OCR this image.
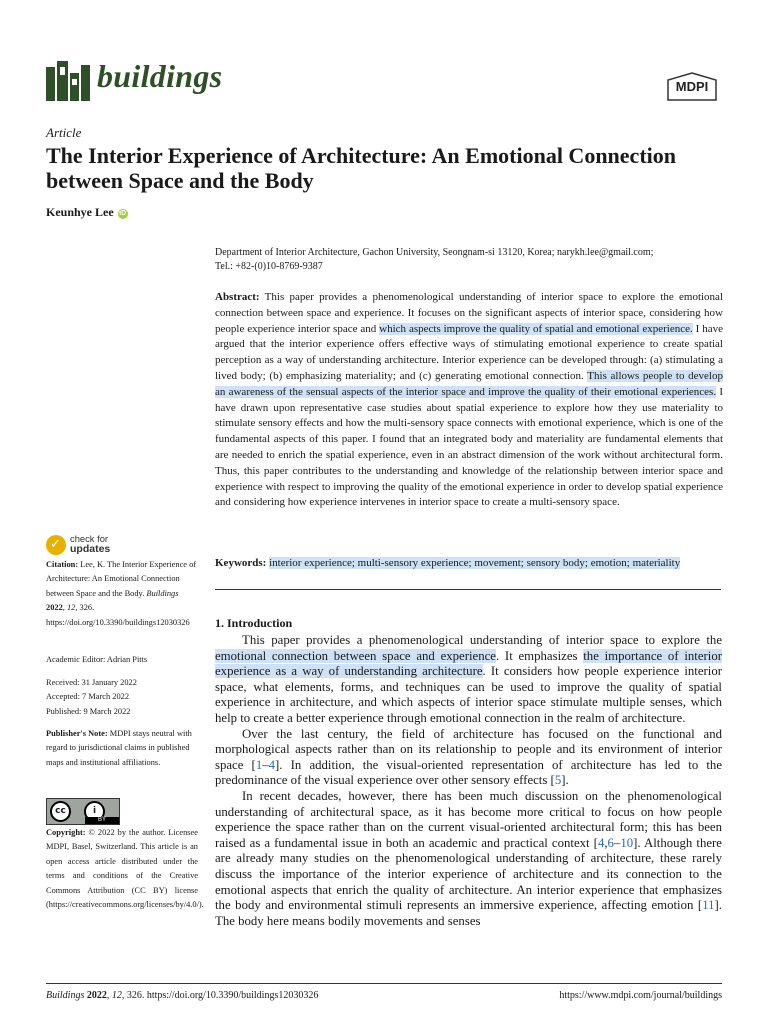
buildings	MDPI
Article
The Interior Experience of Architecture: An Emotional Connection between Space and the Body
Keunhye Lee iD
Department of Interior Architecture, Gachon University, Seongnam-si 13120, Korea; narykh.lee@gmail.com;
Tel.: +82-(0)10-8769-9387
Abstract: This paper provides a phenomenological understanding of interior space to explore the emotional connection between space and experience. It focuses on the significant aspects of interior space, considering how people experience interior space and which aspects improve the quality of spatial and emotional experience. I have argued that the interior experience offers effective ways of stimulating emotional experience to create spatial perception as a way of understanding architecture. Interior experience can be developed through: (a) stimulating a lived body; (b) emphasizing materiality; and (c) generating emotional connection. This allows people to develop an awareness of the sensual aspects of the interior space and improve the quality of their emotional experiences. I have drawn upon representative case studies about spatial experience to explore how they use materiality to stimulate sensory effects and how the multi-sensory space connects with emotional experience, which is one of the fundamental aspects of this paper. I found that an integrated body and materiality are fundamental elements that are needed to enrich the spatial experience, even in an abstract dimension of the work without architectural form. Thus, this paper contributes to the understanding and knowledge of the relationship between interior space and experience with respect to improving the quality of the emotional experience in order to develop spatial experience and considering how experience intervenes in interior space to create a multi-sensory space.
Keywords: interior experience; multi-sensory experience; movement; sensory body; emotion; materiality
1. Introduction

This paper provides a phenomenological understanding of interior space to explore the emotional connection between space and experience. It emphasizes the importance of interior experience as a way of understanding architecture. It considers how people experience interior space, what elements, forms, and techniques can be used to improve the quality of spatial experience in architecture, and which aspects of interior space stimulate multiple senses, which help to create a better experience through emotional connection in the realm of architecture.

Over the last century, the field of architecture has focused on the functional and morphological aspects rather than on its relationship to people and its environment of interior space [1–4]. In addition, the visual-oriented representation of architecture has led to the predominance of the visual experience over other sensory effects [5].

In recent decades, however, there has been much discussion on the phenomenological understanding of architectural space, as it has become more critical to focus on how people experience the space rather than on the current visual-oriented architectural form; this has been raised as a fundamental issue in both an academic and practical context [4,6–10]. Although there are already many studies on the phenomenological understanding of architecture, these rarely discuss the importance of the interior experience of architecture and its connection to the emotional aspects that enrich the quality of architecture. An interior experience that emphasizes the body and environmental stimuli represents an immersive experience, affecting emotion [11]. The body here means bodily movements and senses

✓ check for
updates
Citation: Lee, K. The Interior Experience of Architecture: An Emotional Connection between Space and the Body. Buildings 2022, 12, 326. https://doi.org/10.3390/buildings12030326
Academic Editor: Adrian Pitts
Received: 31 January 2022
Accepted: 7 March 2022
Published: 9 March 2022
Publisher's Note: MDPI stays neutral with regard to jurisdictional claims in published maps and institutional affiliations.
cc	i
BY
Copyright: © 2022 by the author. Licensee MDPI, Basel, Switzerland. This article is an open access article distributed under the terms and conditions of the Creative Commons Attribution (CC BY) license (https://creativecommons.org/licenses/by/4.0/).
Buildings 2022, 12, 326. https://doi.org/10.3390/buildings12030326	https://www.mdpi.com/journal/buildings
